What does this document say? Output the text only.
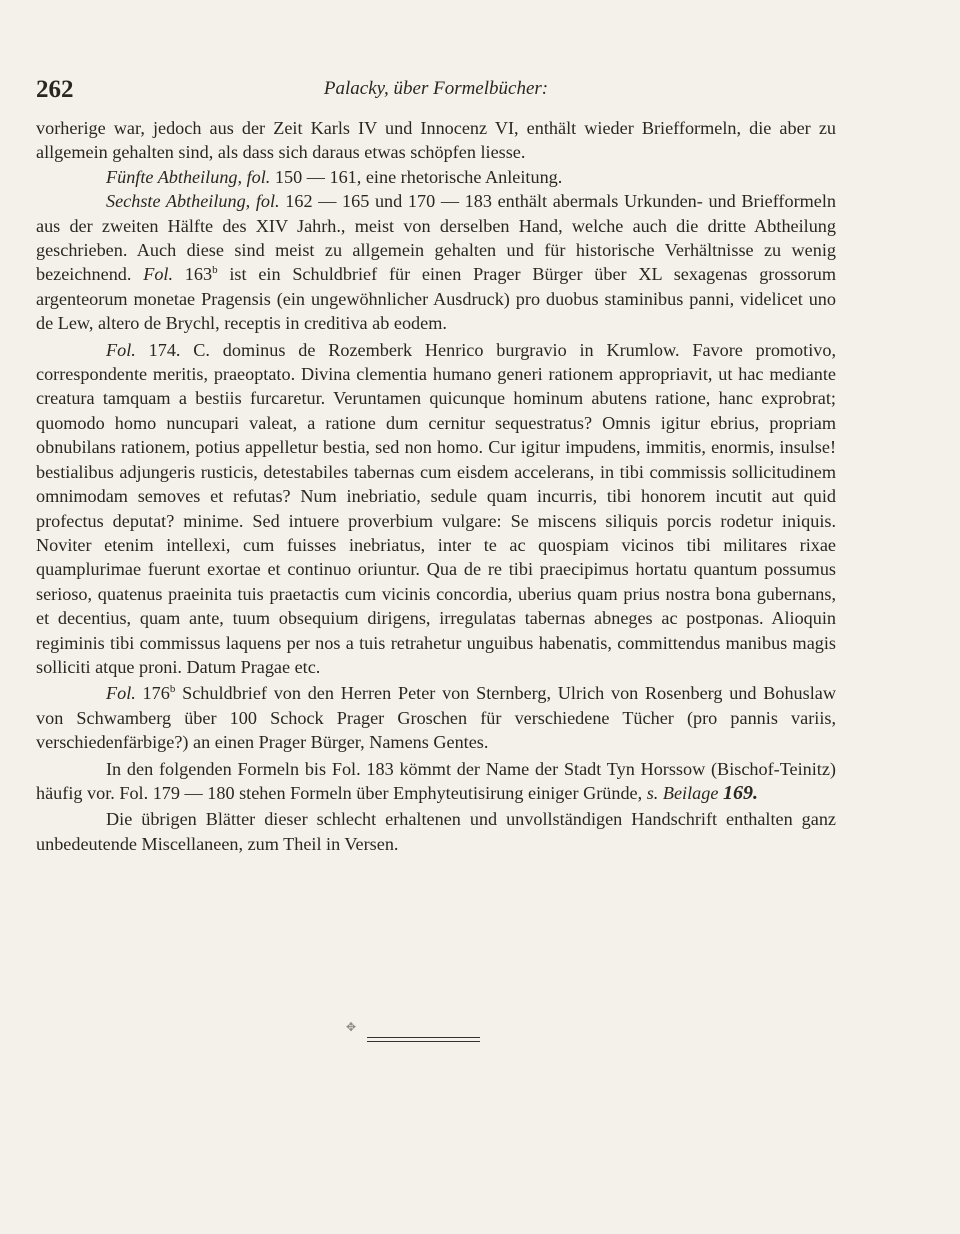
262	Palacky, über Formelbücher:

vorherige war, jedoch aus der Zeit Karls IV und Innocenz VI, enthält wieder Briefformeln, die aber zu allgemein gehalten sind, als dass sich daraus etwas schöpfen liesse.

Fünfte Abtheilung, fol. 150 — 161, eine rhetorische Anleitung.

Sechste Abtheilung, fol. 162 — 165 und 170 — 183 enthält abermals Urkunden- und Briefformeln aus der zweiten Hälfte des XIV Jahrh., meist von derselben Hand, welche auch die dritte Abtheilung geschrieben. Auch diese sind meist zu allgemein gehalten und für historische Verhältnisse zu wenig bezeichnend. Fol. 163$^b$ ist ein Schuldbrief für einen Prager Bürger über XL sexagenas grossorum argenteorum monetae Pragensis (ein ungewöhnlicher Ausdruck) pro duobus staminibus panni, videlicet uno de Lew, altero de Brychl, receptis in creditiva ab eodem.

Fol. 174. C. dominus de Rozemberk Henrico burgravio in Krumlow. Favore promotivo, correspondente meritis, praeoptato. Divina clementia humano generi rationem appropriavit, ut hac mediante creatura tamquam a bestiis furcaretur. Veruntamen quicunque hominum abutens ratione, hanc exprobrat; quomodo homo nuncupari valeat, a ratione dum cernitur sequestratus? Omnis igitur ebrius, propriam obnubilans rationem, potius appelletur bestia, sed non homo. Cur igitur impudens, immitis, enormis, insulse! bestialibus adjungeris rusticis, detestabiles tabernas cum eisdem accelerans, in tibi commissis sollicitudinem omnimodam semoves et refutas? Num inebriatio, sedule quam incurris, tibi honorem incutit aut quid profectus deputat? minime. Sed intuere proverbium vulgare: Se miscens siliquis porcis rodetur iniquis. Noviter etenim intellexi, cum fuisses inebriatus, inter te ac quospiam vicinos tibi militares rixae quamplurimae fuerunt exortae et continuo oriuntur. Qua de re tibi praecipimus hortatu quantum possumus serioso, quatenus praeinita tuis praetactis cum vicinis concordia, uberius quam prius nostra bona gubernans, et decentius, quam ante, tuum obsequium dirigens, irregulatas tabernas abneges ac postponas. Alioquin regiminis tibi commissus laquens per nos a tuis retrahetur unguibus habenatis, committendus manibus magis solliciti atque proni. Datum Pragae etc.

Fol. 176$^b$ Schuldbrief von den Herren Peter von Sternberg, Ulrich von Rosenberg und Bohuslaw von Schwamberg über 100 Schock Prager Groschen für verschiedene Tücher (pro pannis variis, verschiedenfärbige?) an einen Prager Bürger, Namens Gentes.

In den folgenden Formeln bis Fol. 183 kömmt der Name der Stadt Tyn Horssow (Bischof-Teinitz) häufig vor. Fol. 179 — 180 stehen Formeln über Emphyteutisirung einiger Gründe, s. Beilage 169.

Die übrigen Blätter dieser schlecht erhaltenen und unvollständigen Handschrift enthalten ganz unbedeutende Miscellaneen, zum Theil in Versen.

✥
